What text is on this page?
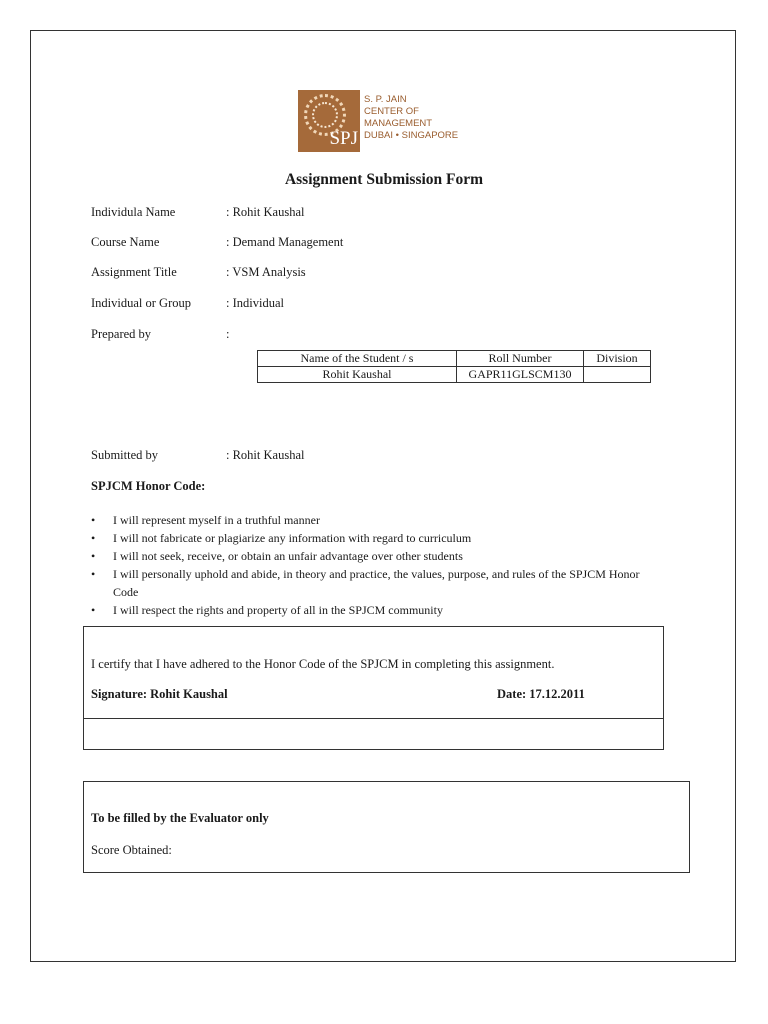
SPJ
S. P. JAIN
CENTER OF
MANAGEMENT
DUBAI • SINGAPORE
Assignment Submission Form
Individula Name	: Rohit Kaushal
Course Name	: Demand Management
Assignment Title	: VSM Analysis
Individual or Group	: Individual
Prepared by	:
Name of the Student / s	Roll Number	Division
Rohit Kaushal	GAPR11GLSCM130	
Submitted by	: Rohit Kaushal
SPJCM Honor Code:
• I will represent myself in a truthful manner
• I will not fabricate or plagiarize any information with regard to curriculum
• I will not seek, receive, or obtain an unfair advantage over other students
• I will personally uphold and abide, in theory and practice, the values, purpose, and rules of the SPJCM Honor Code
• I will respect the rights and property of all in the SPJCM community
I certify that I have adhered to the Honor Code of the SPJCM in completing this assignment.
Signature: Rohit Kaushal	Date: 17.12.2011
To be filled by the Evaluator only
Score Obtained:
